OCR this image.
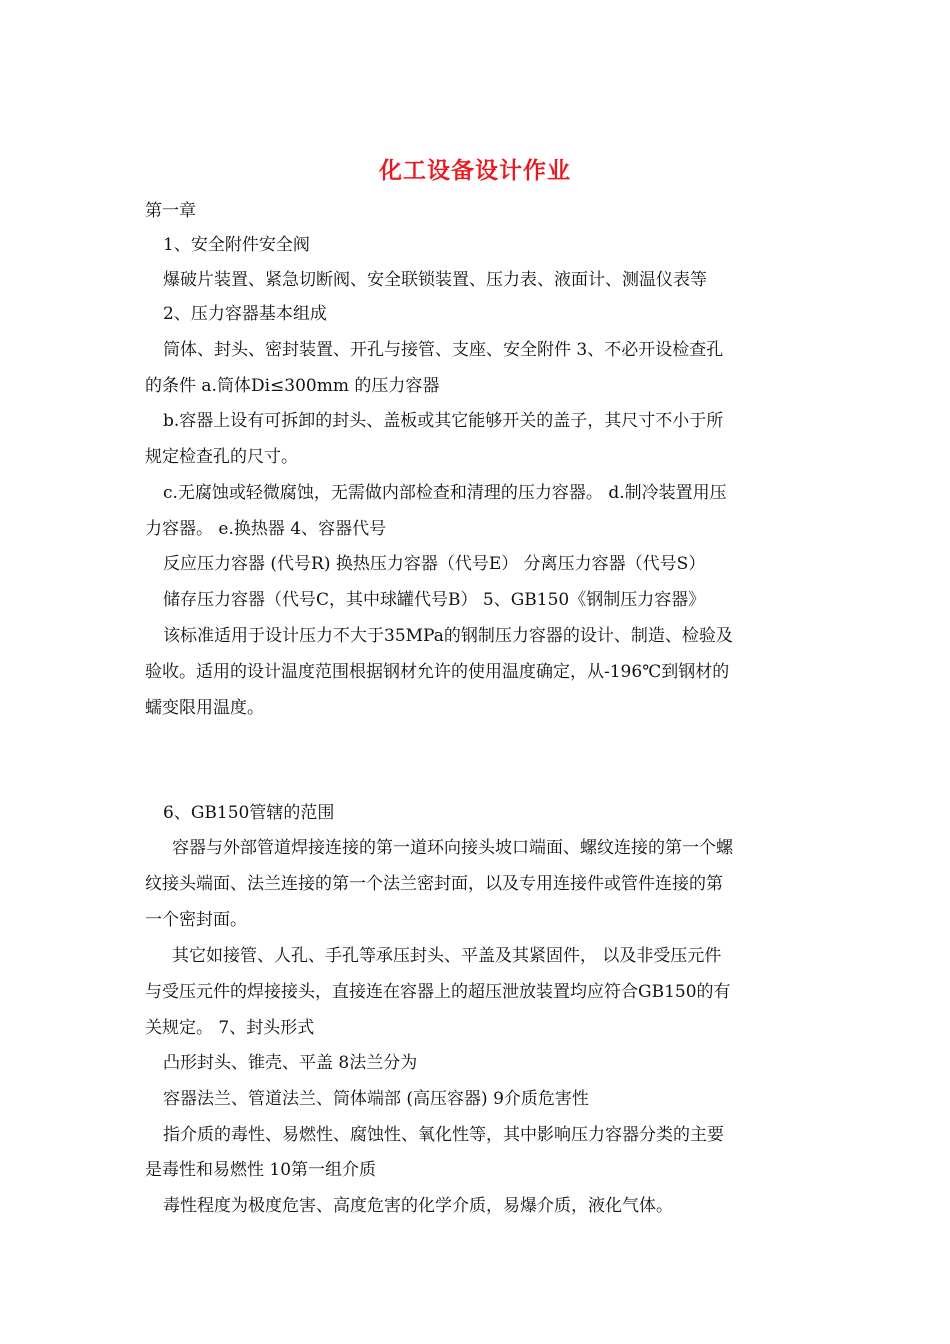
化工设备设计作业
第一章
1、安全附件安全阀
爆破片装置、紧急切断阀、安全联锁装置、压力表、液面计、测温仪表等
2、压力容器基本组成
筒体、封头、密封装置、开孔与接管、支座、安全附件 3、不必开设检查孔
的条件 a.筒体Di≤300mm 的压力容器
b.容器上设有可拆卸的封头、盖板或其它能够开关的盖子，其尺寸不小于所
规定检查孔的尺寸。
c.无腐蚀或轻微腐蚀，无需做内部检查和清理的压力容器。 d.制冷装置用压
力容器。 e.换热器 4、容器代号
反应压力容器 (代号R) 换热压力容器（代号E） 分离压力容器（代号S）
储存压力容器（代号C，其中球罐代号B） 5、GB150《钢制压力容器》
该标准适用于设计压力不大于35MPa的钢制压力容器的设计、制造、检验及
验收。适用的设计温度范围根据钢材允许的使用温度确定，从-196℃到钢材的
蠕变限用温度。
6、GB150管辖的范围
容器与外部管道焊接连接的第一道环向接头坡口端面、螺纹连接的第一个螺
纹接头端面、法兰连接的第一个法兰密封面，以及专用连接件或管件连接的第
一个密封面。
其它如接管、人孔、手孔等承压封头、平盖及其紧固件， 以及非受压元件
与受压元件的焊接接头，直接连在容器上的超压泄放装置均应符合GB150的有
关规定。 7、封头形式
凸形封头、锥壳、平盖 8法兰分为
容器法兰、管道法兰、筒体端部 (高压容器) 9介质危害性
指介质的毒性、易燃性、腐蚀性、氧化性等，其中影响压力容器分类的主要
是毒性和易燃性 10第一组介质
毒性程度为极度危害、高度危害的化学介质，易爆介质，液化气体。
